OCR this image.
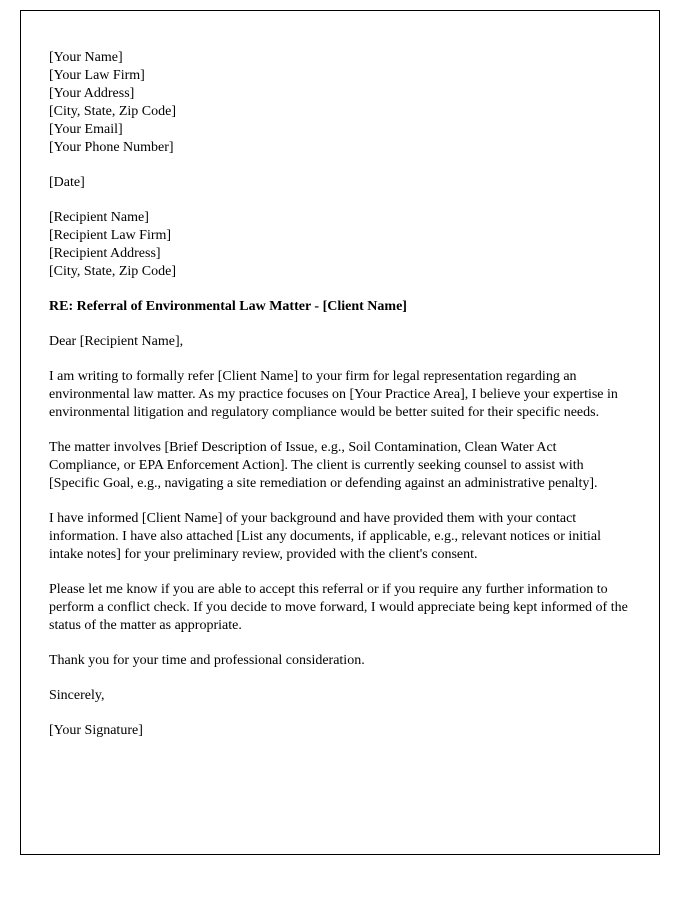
[Your Name]
[Your Law Firm]
[Your Address]
[City, State, Zip Code]
[Your Email]
[Your Phone Number]
[Date]
[Recipient Name]
[Recipient Law Firm]
[Recipient Address]
[City, State, Zip Code]
RE: Referral of Environmental Law Matter - [Client Name]
Dear [Recipient Name],
I am writing to formally refer [Client Name] to your firm for legal representation regarding an environmental law matter. As my practice focuses on [Your Practice Area], I believe your expertise in environmental litigation and regulatory compliance would be better suited for their specific needs.
The matter involves [Brief Description of Issue, e.g., Soil Contamination, Clean Water Act Compliance, or EPA Enforcement Action]. The client is currently seeking counsel to assist with [Specific Goal, e.g., navigating a site remediation or defending against an administrative penalty].
I have informed [Client Name] of your background and have provided them with your contact information. I have also attached [List any documents, if applicable, e.g., relevant notices or initial intake notes] for your preliminary review, provided with the client's consent.
Please let me know if you are able to accept this referral or if you require any further information to perform a conflict check. If you decide to move forward, I would appreciate being kept informed of the status of the matter as appropriate.
Thank you for your time and professional consideration.
Sincerely,
[Your Signature]
